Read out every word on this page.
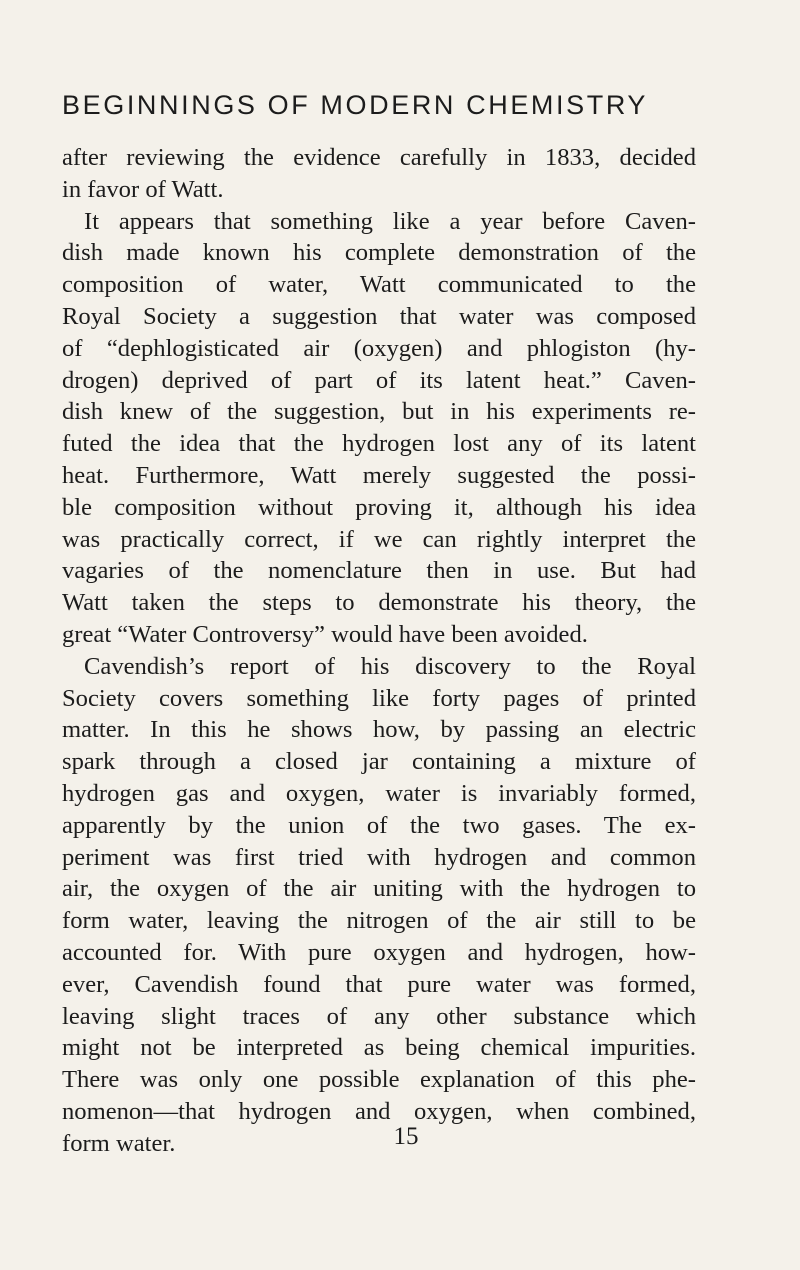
BEGINNINGS OF MODERN CHEMISTRY
after reviewing the evidence carefully in 1833, decided
in favor of Watt.
It appears that something like a year before Caven-
dish made known his complete demonstration of the
composition of water, Watt communicated to the
Royal Society a suggestion that water was composed
of “dephlogisticated air (oxygen) and phlogiston (hy-
drogen) deprived of part of its latent heat.” Caven-
dish knew of the suggestion, but in his experiments re-
futed the idea that the hydrogen lost any of its latent
heat. Furthermore, Watt merely suggested the possi-
ble composition without proving it, although his idea
was practically correct, if we can rightly interpret the
vagaries of the nomenclature then in use. But had
Watt taken the steps to demonstrate his theory, the
great “Water Controversy” would have been avoided.
Cavendish’s report of his discovery to the Royal
Society covers something like forty pages of printed
matter. In this he shows how, by passing an electric
spark through a closed jar containing a mixture of
hydrogen gas and oxygen, water is invariably formed,
apparently by the union of the two gases. The ex-
periment was first tried with hydrogen and common
air, the oxygen of the air uniting with the hydrogen to
form water, leaving the nitrogen of the air still to be
accounted for. With pure oxygen and hydrogen, how-
ever, Cavendish found that pure water was formed,
leaving slight traces of any other substance which
might not be interpreted as being chemical impurities.
There was only one possible explanation of this phe-
nomenon—that hydrogen and oxygen, when combined,
form water.	15
